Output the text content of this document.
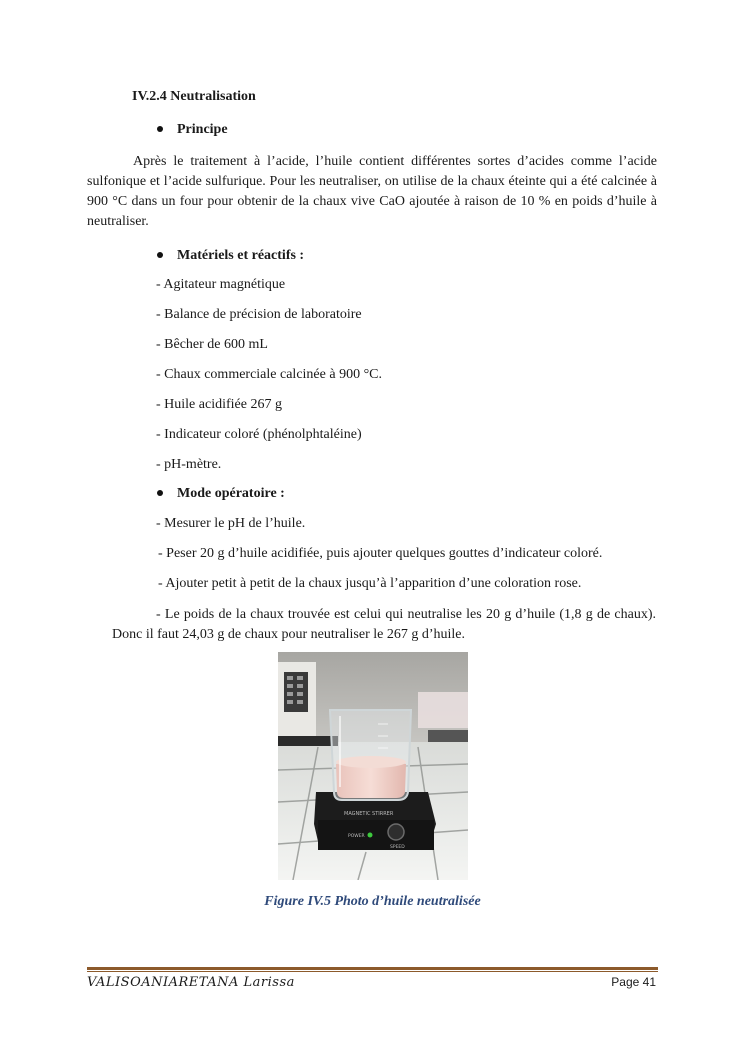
IV.2.4 Neutralisation
Principe
Après le traitement à l’acide, l’huile contient différentes sortes d’acides comme l’acide sulfonique et l’acide sulfurique. Pour les neutraliser, on utilise de la chaux éteinte qui a été calcinée à 900 °C dans un four pour obtenir de la chaux vive CaO ajoutée à raison de 10 % en poids d’huile à neutraliser.
Matériels et réactifs :
- Agitateur magnétique
- Balance de précision de laboratoire
- Bêcher de 600 mL
- Chaux commerciale calcinée à 900 °C.
- Huile acidifiée 267 g
- Indicateur coloré (phénolphtaléine)
- pH-mètre.
Mode opératoire :
- Mesurer le pH de l’huile.
- Peser 20 g d’huile acidifiée, puis ajouter quelques gouttes d’indicateur coloré.
- Ajouter petit à petit de la chaux jusqu’à l’apparition d’une coloration rose.
- Le poids de la chaux trouvée est celui qui neutralise les 20 g d’huile (1,8 g de chaux). Donc il faut 24,03 g de chaux pour neutraliser le 267 g d’huile.
MAGNETIC STIRRER
POWER
SPEED
Figure IV.5 Photo d’huile neutralisée
VALISOANIARETANA Larissa	Page 41
